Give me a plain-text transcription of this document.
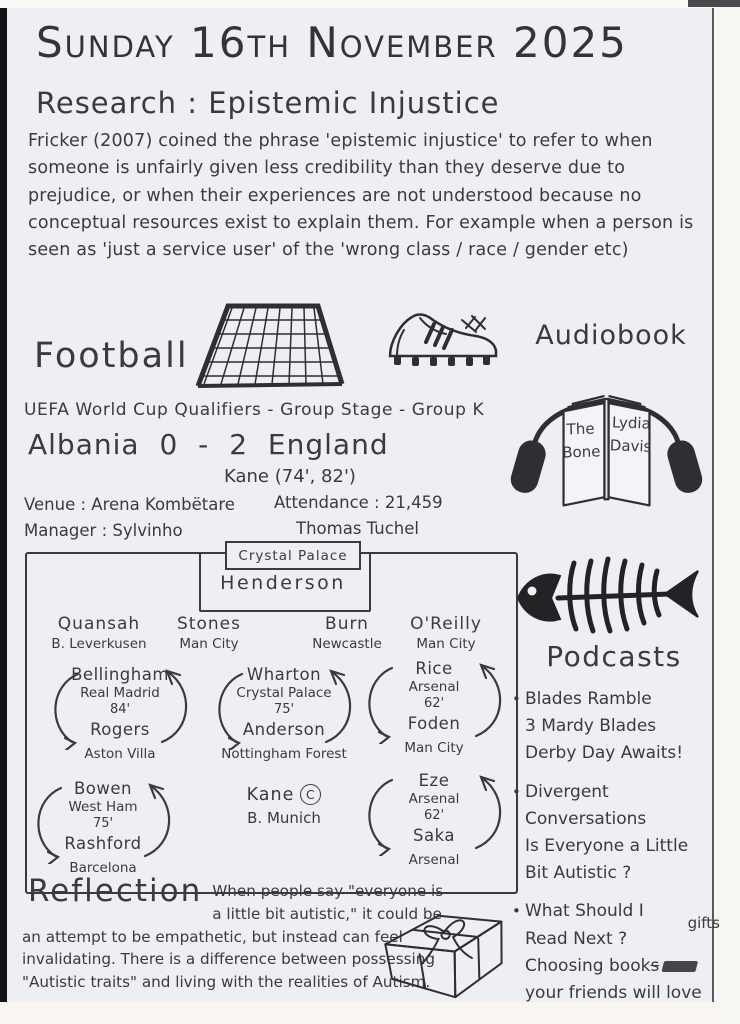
Sunday 16th November 2025
Research : Epistemic Injustice
Fricker (2007) coined the phrase 'epistemic injustice' to refer to when someone is unfairly given less credibility than they deserve due to prejudice, or when their experiences are not understood because no conceptual resources exist to explain them. For example when a person is seen as 'just a service user' of the 'wrong class / race / gender etc)
Football
Audiobook
The
Bone
Lydia
Davis
UEFA World Cup Qualifiers - Group Stage - Group K
Albania 0 - 2 England
Kane (74', 82')
Venue : Arena Kombëtare Attendance : 21,459
Manager : Sylvinho	Thomas Tuchel
Crystal Palace
Henderson
Quansah
B. Leverkusen
Stones
Man City
Burn
Newcastle
O'Reilly
Man City
Bellingham
Real Madrid
84'
Rogers
Aston Villa
Wharton
Crystal Palace
75'
Anderson
Nottingham Forest
Rice
Arsenal
62'
Foden
Man City
Bowen
West Ham
75'
Rashford
Barcelona
Kane C
B. Munich
Eze
Arsenal
62'
Saka
Arsenal
Podcasts
• Blades Ramble
3 Mardy Blades
Derby Day Awaits!
• Divergent
Conversations
Is Everyone a Little
Bit Autistic ?
• What Should I
Read Next ?
gifts
Choosing books
your friends will love
Reflection When people say "everyone is a little bit autistic," it could be an attempt to be empathetic, but instead can feel invalidating. There is a difference between possessing "Autistic traits" and living with the realities of Autism.
